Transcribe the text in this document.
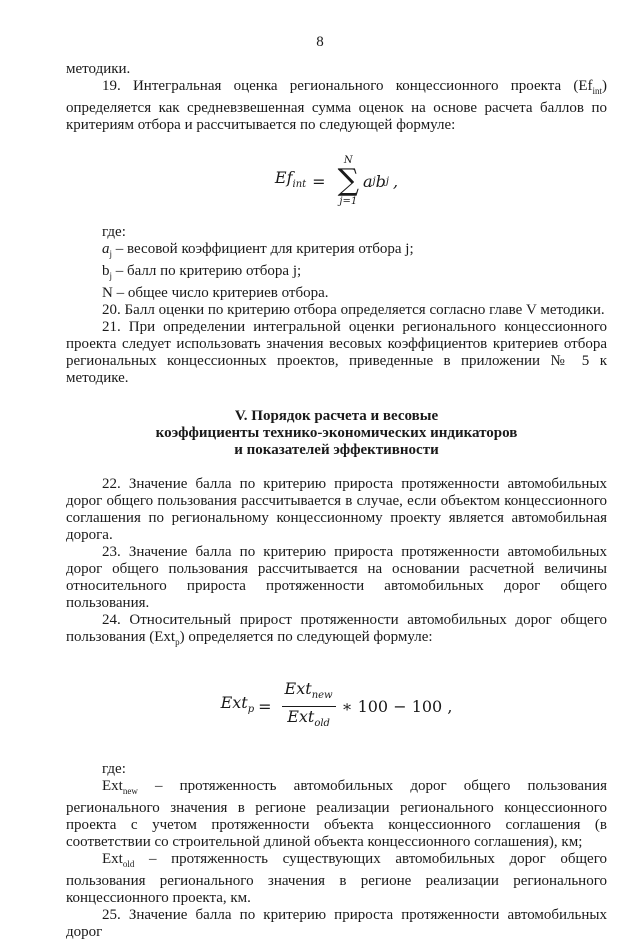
8

методики.

19. Интегральная оценка регионального концессионного проекта $(Ef_{int})$ определяется как средневзвешенная сумма оценок на основе расчета баллов по критериям отбора и рассчитывается по следующей формуле:

$Ef_{int}$ =
N
∑
j=1
a j b j ,

где:

$a_j$ – весовой коэффициент для критерия отбора j;

$b_j$ – балл по критерию отбора j;

N – общее число критериев отбора.

20. Балл оценки по критерию отбора определяется согласно главе V методики.

21. При определении интегральной оценки регионального концессионного проекта следует использовать значения весовых коэффициентов критериев отбора региональных концессионных проектов, приведенные в приложении № 5 к методике.

V. Порядок расчета и весовые
коэффициенты технико-экономических индикаторов
и показателей эффективности

22. Значение балла по критерию прироста протяженности автомобильных дорог общего пользования рассчитывается в случае, если объектом концессионного соглашения по региональному концессионному проекту является автомобильная дорога.

23. Значение балла по критерию прироста протяженности автомобильных дорог общего пользования рассчитывается на основании расчетной величины относительного прироста протяженности автомобильных дорог общего пользования.

24. Относительный прирост протяженности автомобильных дорог общего пользования (Ext$_p$) определяется по следующей формуле:

$Ext_p = \frac{Ext_{new}}{Ext_{old}}$ ∗ 100 − 100 ,

где:

Ext$_{new}$ – протяженность автомобильных дорог общего пользования регионального значения в регионе реализации регионального концессионного проекта с учетом протяженности объекта концессионного соглашения (в соответствии со строительной длиной объекта концессионного соглашения), км;

Ext$_{old}$ – протяженность существующих автомобильных дорог общего пользования регионального значения в регионе реализации регионального концессионного проекта, км.

25. Значение балла по критерию прироста протяженности автомобильных дорог
